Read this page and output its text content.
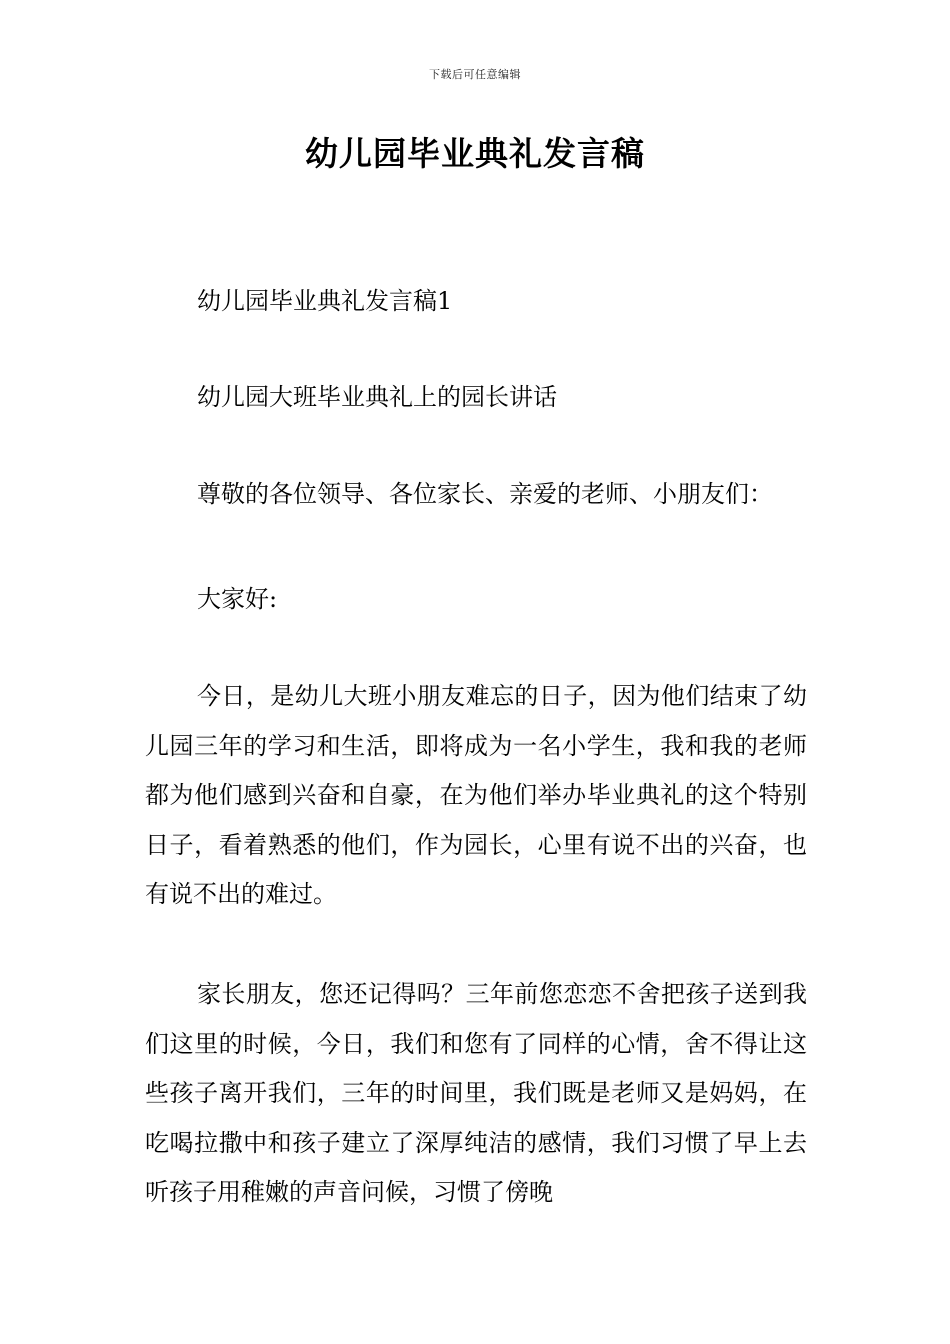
下载后可任意编辑
幼儿园毕业典礼发言稿
幼儿园毕业典礼发言稿1
幼儿园大班毕业典礼上的园长讲话
尊敬的各位领导、各位家长、亲爱的老师、小朋友们：
大家好:
今日，是幼儿大班小朋友难忘的日子，因为他们结束了幼儿园三年的学习和生活，即将成为一名小学生，我和我的老师都为他们感到兴奋和自豪，在为他们举办毕业典礼的这个特别日子，看着熟悉的他们，作为园长，心里有说不出的兴奋，也有说不出的难过。
家长朋友，您还记得吗？三年前您恋恋不舍把孩子送到我们这里的时候，今日，我们和您有了同样的心情，舍不得让这些孩子离开我们，三年的时间里，我们既是老师又是妈妈，在吃喝拉撒中和孩子建立了深厚纯洁的感情，我们习惯了早上去听孩子用稚嫩的声音问候，习惯了傍晚
